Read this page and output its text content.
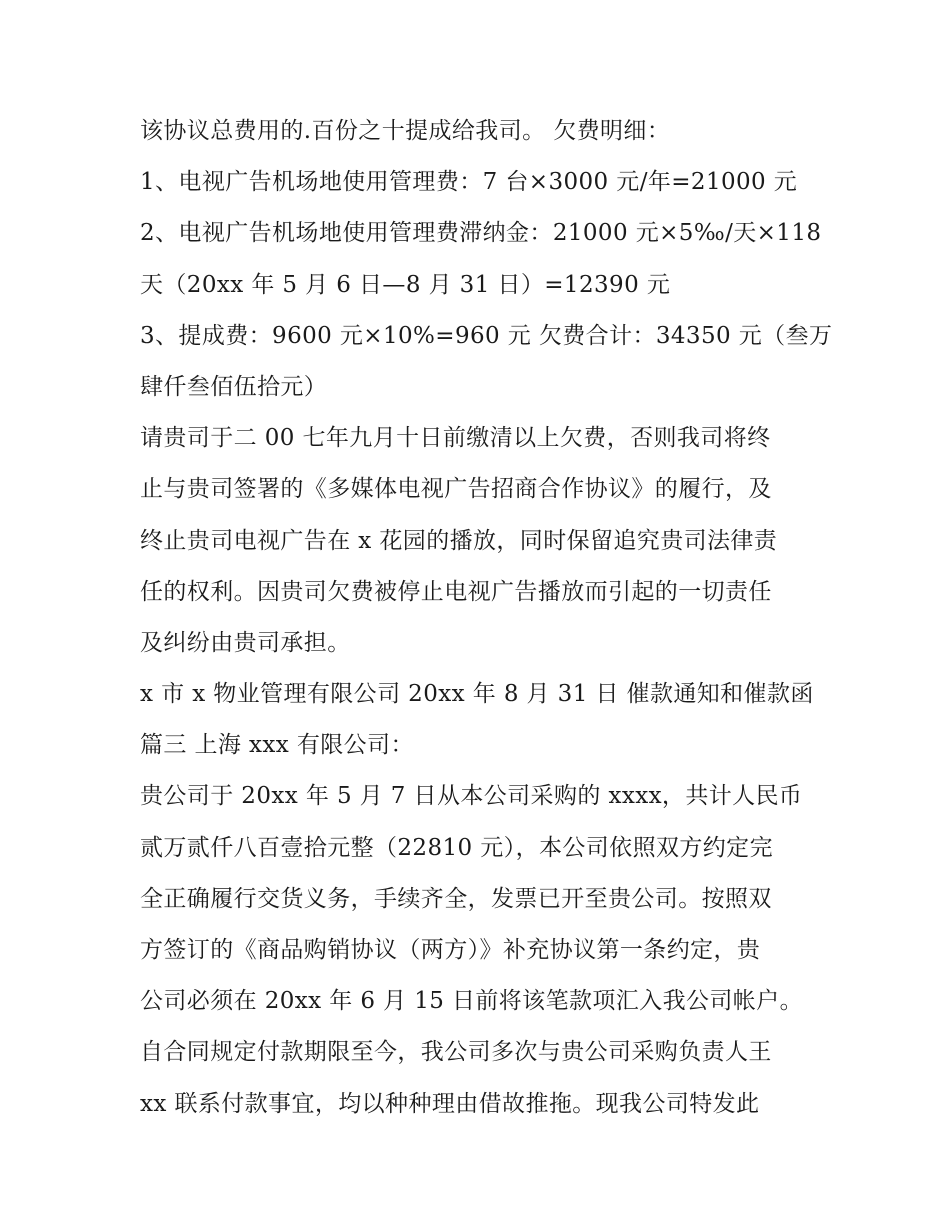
该协议总费用的.百份之十提成给我司。 欠费明细：
1、电视广告机场地使用管理费：7 台×3000 元/年=21000 元
2、电视广告机场地使用管理费滞纳金：21000 元×5‰/天×118
天（20xx 年 5 月 6 日—8 月 31 日）=12390 元
3、提成费：9600 元×10%=960 元 欠费合计：34350 元（叁万
肆仟叁佰伍拾元）
请贵司于二 00 七年九月十日前缴清以上欠费，否则我司将终
止与贵司签署的《多媒体电视广告招商合作协议》的履行，及
终止贵司电视广告在 x 花园的播放，同时保留追究贵司法律责
任的权利。因贵司欠费被停止电视广告播放而引起的一切责任
及纠纷由贵司承担。
x 市 x 物业管理有限公司 20xx 年 8 月 31 日 催款通知和催款函
篇三 上海 xxx 有限公司：
贵公司于 20xx 年 5 月 7 日从本公司采购的 xxxx，共计人民币
贰万贰仟八百壹拾元整（22810 元），本公司依照双方约定完
全正确履行交货义务，手续齐全，发票已开至贵公司。按照双
方签订的《商品购销协议（两方）》补充协议第一条约定，贵
公司必须在 20xx 年 6 月 15 日前将该笔款项汇入我公司帐户。
自合同规定付款期限至今，我公司多次与贵公司采购负责人王
xx 联系付款事宜，均以种种理由借故推拖。现我公司特发此
